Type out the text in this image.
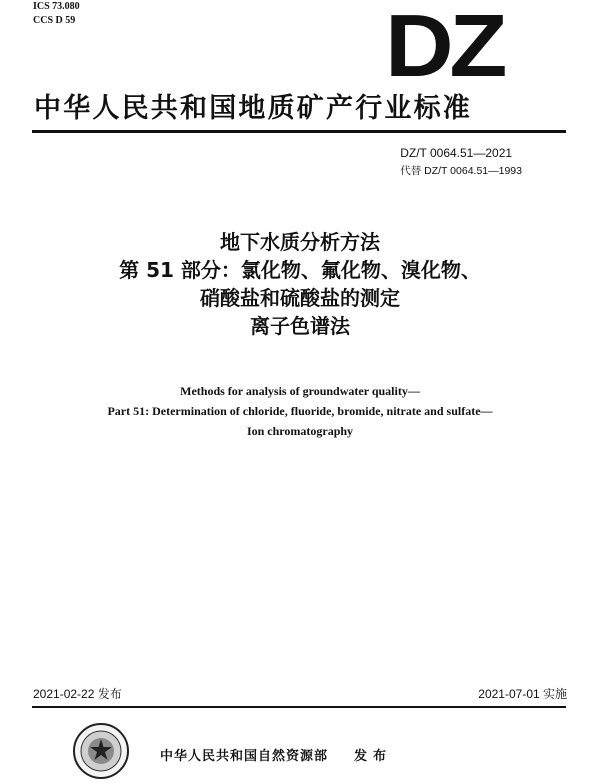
ICS 73.080
CCS D 59	DZ
中华人民共和国地质矿产行业标准
DZ/T 0064.51—2021
代替 DZ/T 0064.51—1993
地下水质分析方法
第 51 部分：氯化物、氟化物、溴化物、
硝酸盐和硫酸盐的测定
离子色谱法
Methods for analysis of groundwater quality—
Part 51: Determination of chloride, fluoride, bromide, nitrate and sulfate—
Ion chromatography
2021-02-22 发布	2021-07-01 实施
中华人民共和国自然资源部 发布
